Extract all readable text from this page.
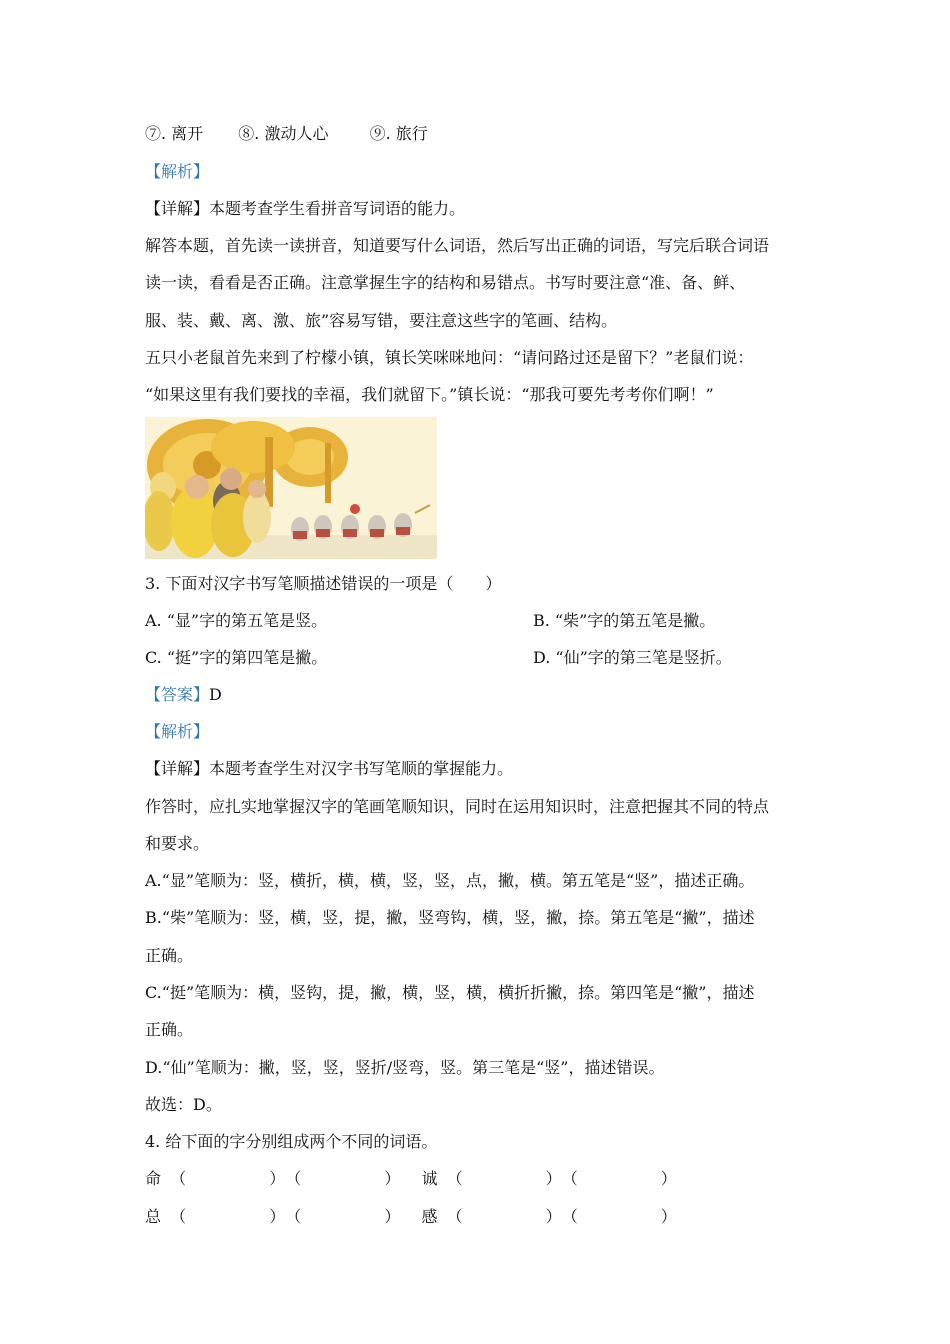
⑦. 离开 ⑧. 激动人心	⑨. 旅行
【解析】
【详解】本题考查学生看拼音写词语的能力。
解答本题，首先读一读拼音，知道要写什么词语，然后写出正确的词语，写完后联合词语
读一读，看看是否正确。注意掌握生字的结构和易错点。书写时要注意“准、备、鲜、
服、装、戴、离、激、旅”容易写错，要注意这些字的笔画、结构。
五只小老鼠首先来到了柠檬小镇，镇长笑咪咪地问：“请问路过还是留下？”老鼠们说：
“如果这里有我们要找的幸福，我们就留下。”镇长说：“那我可要先考考你们啊！”
3. 下面对汉字书写笔顺描述错误的一项是（　　）
A. “显”字的第五笔是竖。	B. “柴”字的第五笔是撇。
C. “挺”字的第四笔是撇。	D. “仙”字的第三笔是竖折。
【答案】D
【解析】
【详解】本题考查学生对汉字书写笔顺的掌握能力。
作答时，应扎实地掌握汉字的笔画笔顺知识，同时在运用知识时，注意把握其不同的特点
和要求。
A.“显”笔顺为：竖，横折，横，横，竖，竖，点，撇，横。第五笔是“竖”，描述正确。
B.“柴”笔顺为：竖，横，竖，提，撇，竖弯钩，横，竖，撇，捺。第五笔是“撇”，描述
正确。
C.“挺”笔顺为：横，竖钩，提，撇，横，竖，横，横折折撇，捺。第四笔是“撇”，描述
正确。
D.“仙”笔顺为：撇，竖，竖，竖折/竖弯，竖。第三笔是“竖”，描述错误。
故选：D。
4. 给下面的字分别组成两个不同的词语。
命 （	）（	） 诚 （	）（	）
总 （	）（	） 感 （	）（	）
